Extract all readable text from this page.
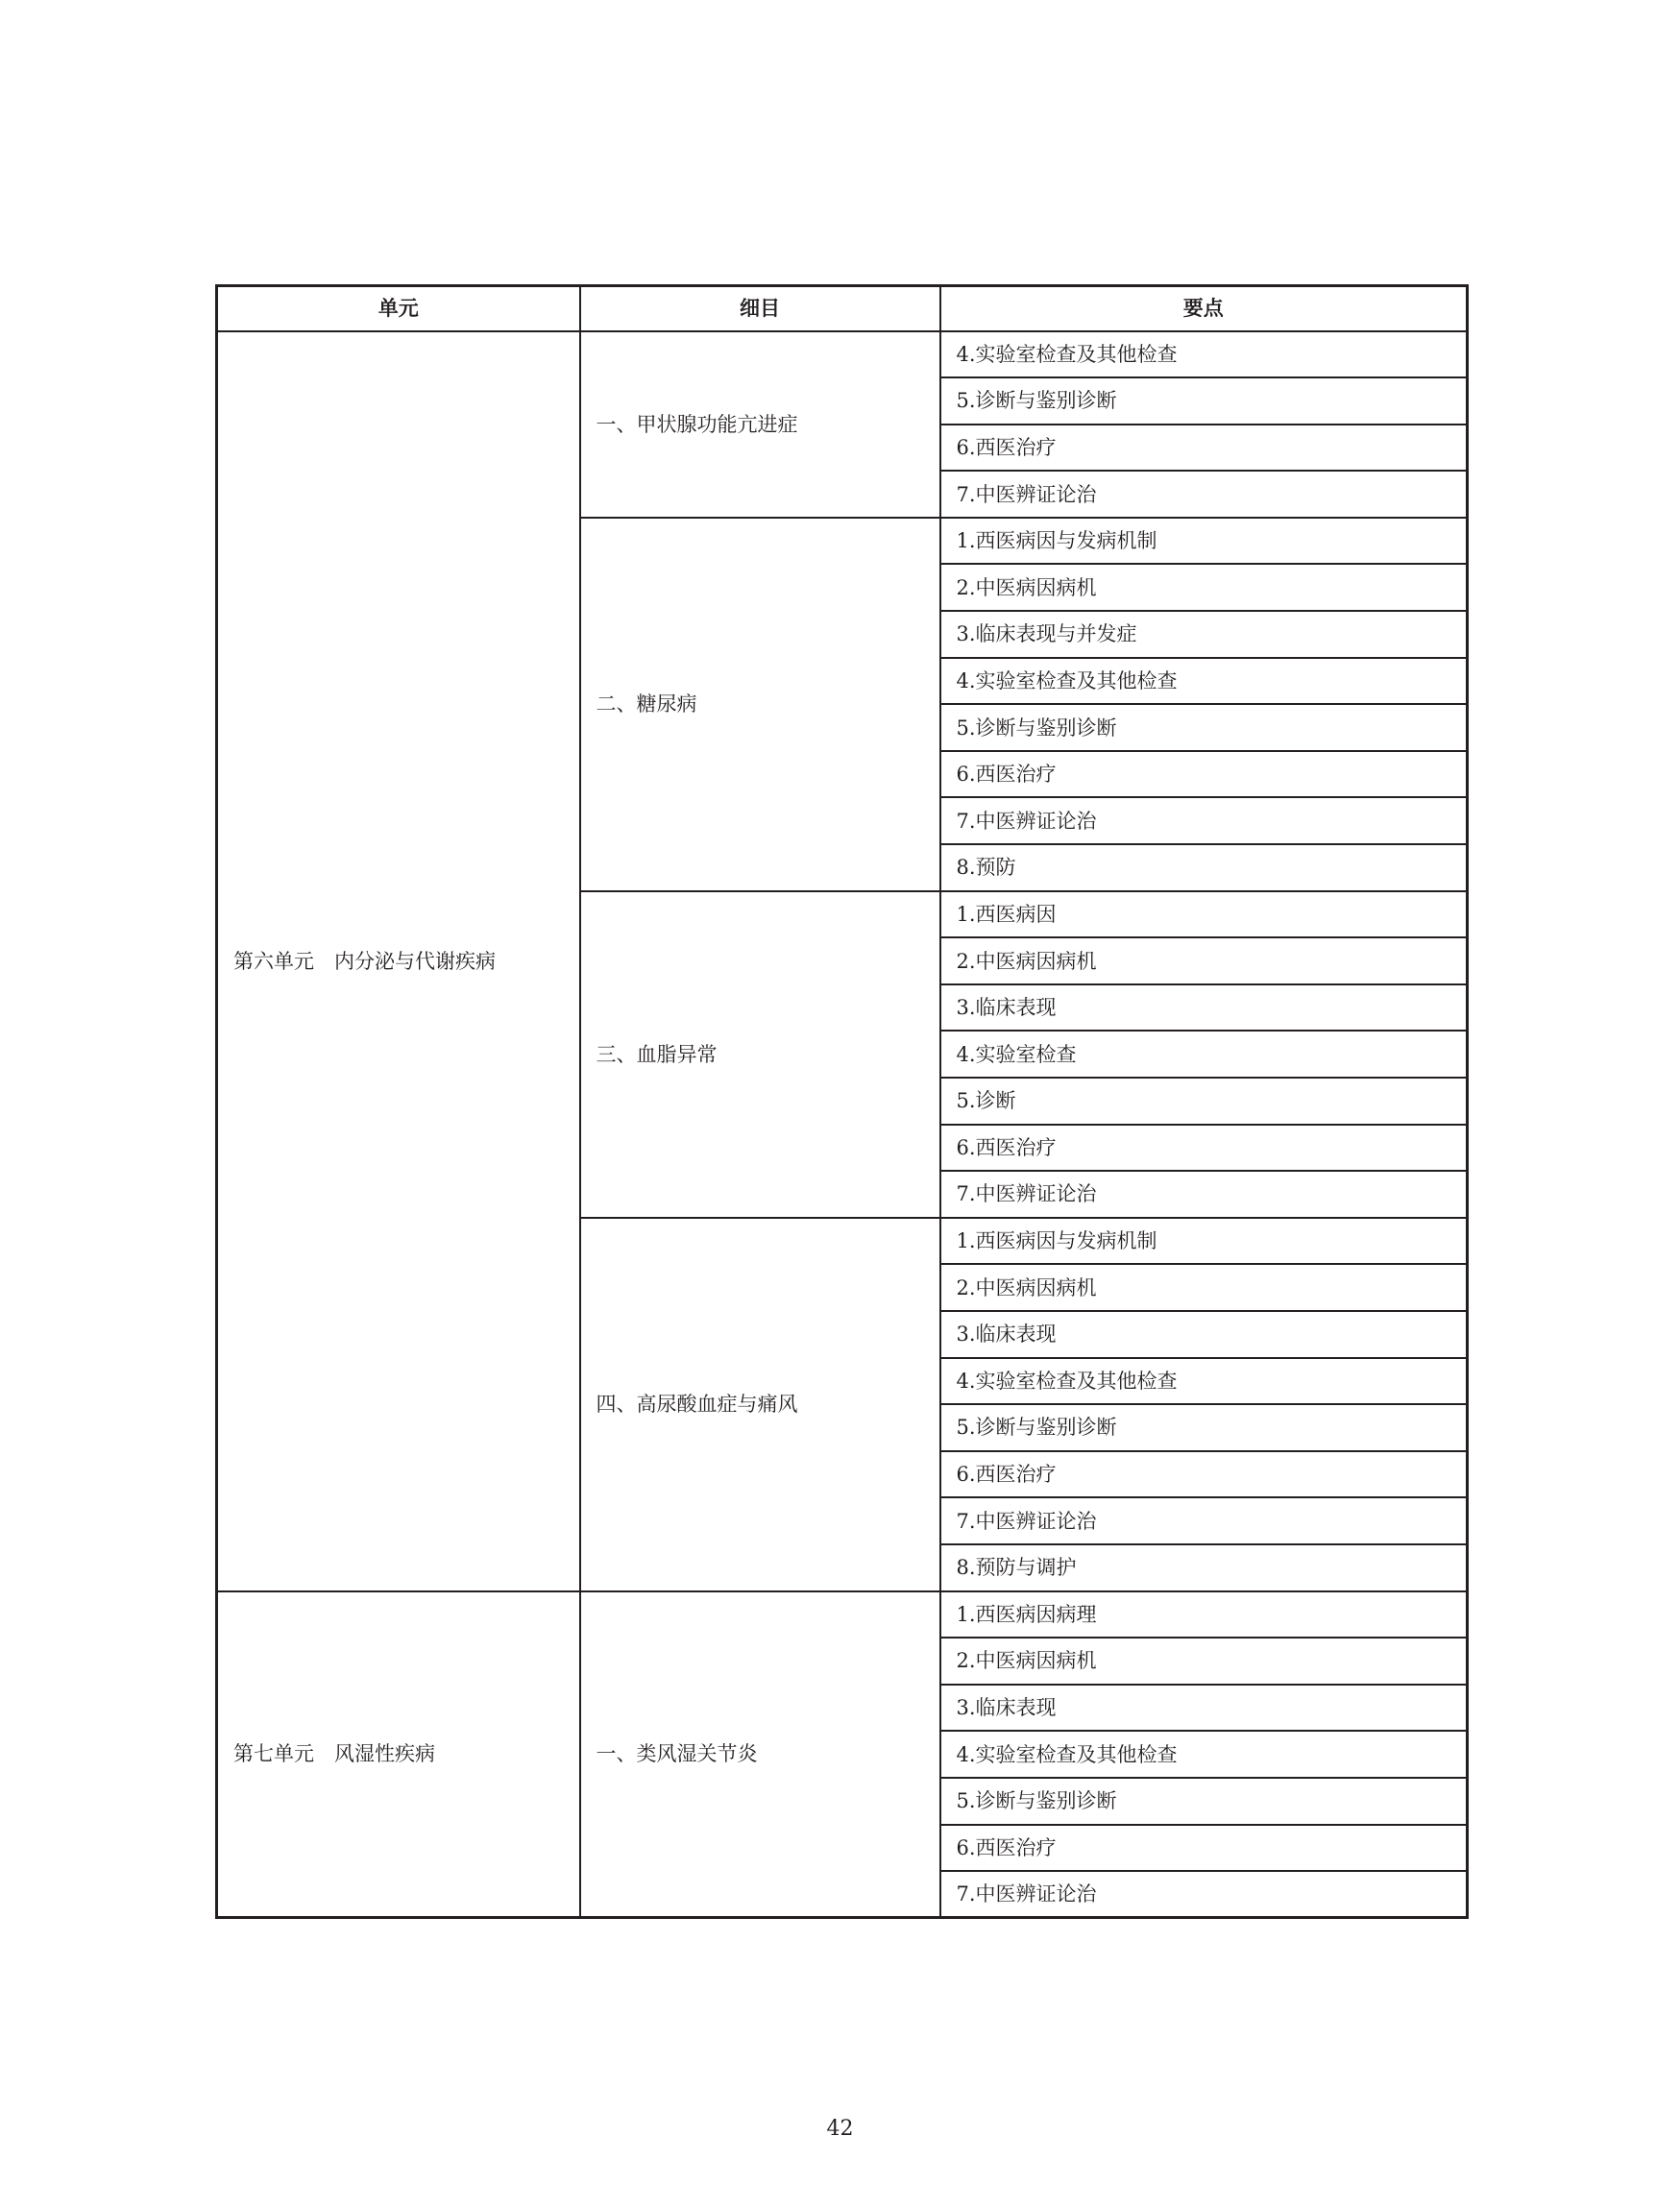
单元	细目	要点
第六单元　内分泌与代谢疾病	一、甲状腺功能亢进症	4.实验室检查及其他检查
		5.诊断与鉴别诊断
		6.西医治疗
		7.中医辨证论治
	二、糖尿病	1.西医病因与发病机制
		2.中医病因病机
		3.临床表现与并发症
		4.实验室检查及其他检查
		5.诊断与鉴别诊断
		6.西医治疗
		7.中医辨证论治
		8.预防
	三、血脂异常	1.西医病因
		2.中医病因病机
		3.临床表现
		4.实验室检查
		5.诊断
		6.西医治疗
		7.中医辨证论治
	四、高尿酸血症与痛风	1.西医病因与发病机制
		2.中医病因病机
		3.临床表现
		4.实验室检查及其他检查
		5.诊断与鉴别诊断
		6.西医治疗
		7.中医辨证论治
		8.预防与调护
第七单元　风湿性疾病	一、类风湿关节炎	1.西医病因病理
		2.中医病因病机
		3.临床表现
		4.实验室检查及其他检查
		5.诊断与鉴别诊断
		6.西医治疗
		7.中医辨证论治
42
